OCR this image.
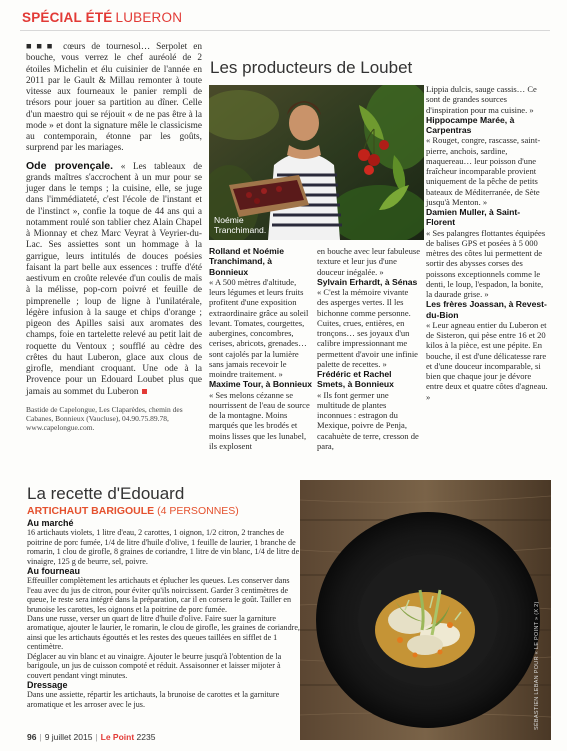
SPÉCIAL ÉTÉ LUBERON

■■■ cœurs de tournesol… Serpolet en bouche, vous verrez le chef auréolé de 2 étoiles Michelin et élu cuisinier de l'année en 2011 par le Gault & Millau remonter à toute vitesse aux fourneaux le panier rempli de trésors pour jouer sa partition au dîner. Celle d'un maestro qui se réjouit « de ne pas être à la mode » et dont la signature mêle le classicisme au contemporain, étonne par les goûts, surprend par les mariages.

Ode provençale. « Les tableaux de grands maîtres s'accrochent à un mur pour se juger dans le temps ; la cuisine, elle, se juge dans l'immédiateté, c'est l'école de l'instant et de l'instinct », confie la toque de 44 ans qui a notamment roulé son tablier chez Alain Chapel à Mionnay et chez Marc Veyrat à Veyrier-du-Lac. Ses assiettes sont un hommage à la garrigue, leurs intitulés de douces poésies faisant la part belle aux essences : truffe d'été aestivum en croûte relevée d'un coulis de maïs à la mélisse, pop-corn poivré et feuille de pimprenelle ; loup de ligne à l'unilatérale, légère infusion à la sauge et chips d'orange ; pigeon des Apilles saisi aux aromates des champs, foie en tartelette relevé au petit lait de roquette du Ventoux ; soufflé au cèdre des crêtes du haut Luberon, glace aux clous de girofle, mendiant croquant. Une ode à la Provence pour un Edouard Loubet plus que jamais au sommet du Luberon

Bastide de Capelongue, Les Claparèdes, chemin des Cabanes, Bonnieux (Vaucluse), 04.90.75.89.78, www.capelongue.com.
Les producteurs de Loubet
Noémie
Tranchimand.
Rolland et Noémie Tranchimand, à Bonnieux
« A 500 mètres d'altitude, leurs légumes et leurs fruits profitent d'une exposition extraordinaire grâce au soleil levant. Tomates, courgettes, aubergines, concombres, cerises, abricots, grenades… sont cajolés par la lumière sans jamais recevoir le moindre traitement. »
Maxime Tour, à Bonnieux
« Ses melons cézanne se nourrissent de l'eau de source de la montagne. Moins marqués que les brodés et moins lisses que les lunabel, ils explosent
en bouche avec leur fabuleuse texture et leur jus d'une douceur inégalée. »
Sylvain Erhardt, à Sénas
« C'est la mémoire vivante des asperges vertes. Il les bichonne comme personne. Cuites, crues, entières, en tronçons… ses joyaux d'un calibre impressionnant me permettent d'avoir une infinie palette de recettes. »
Frédéric et Rachel Smets, à Bonnieux
« Ils font germer une multitude de plantes inconnues : estragon du Mexique, poivre de Penja, cacahuète de terre, cresson de para,
Lippia dulcis, sauge cassis… Ce sont de grandes sources d'inspiration pour ma cuisine. »
Hippocampe Marée, à Carpentras
« Rouget, congre, rascasse, saint-pierre, anchois, sardine, maquereau… leur poisson d'une fraîcheur incomparable provient uniquement de la pêche de petits bateaux de Méditerranée, de Sète jusqu'à Menton. »
Damien Muller, à Saint-Florent
« Ses palangres flottantes équipées de balises GPS et posées à 5 000 mètres des côtes lui permettent de sortir des abysses corses des poissons exceptionnels comme le denti, le loup, l'espadon, la bonite, la daurade grise. »
Les frères Joassan, à Revest-du-Bion
« Leur agneau entier du Luberon et de Sisteron, qui pèse entre 16 et 20 kilos à la pièce, est une pépite. En bouche, il est d'une délicatesse rare et d'une douceur incomparable, si bien que chaque jour je dévore entre deux et quatre côtes d'agneau. »
La recette d'Edouard
ARTICHAUT BARIGOULE (4 PERSONNES)
Au marché
16 artichauts violets, 1 litre d'eau, 2 carottes, 1 oignon, 1/2 citron, 2 tranches de poitrine de porc fumée, 1/4 de litre d'huile d'olive, 1 feuille de laurier, 1 branche de romarin, 1 clou de girofle, 8 graines de coriandre, 1 litre de vin blanc, 1/4 de litre de vinaigre, 125 g de beurre, sel, poivre.
Au fourneau
Effeuiller complètement les artichauts et éplucher les queues. Les conserver dans l'eau avec du jus de citron, pour éviter qu'ils noircissent. Garder 3 centimètres de queue, le reste sera intégré dans la préparation, car il en corsera le goût. Tailler en brunoise les carottes, les oignons et la poitrine de porc fumée.
Dans une russe, verser un quart de litre d'huile d'olive. Faire suer la garniture aromatique, ajouter le laurier, le romarin, le clou de girofle, les graines de coriandre, ainsi que les artichauts égouttés et les restes des queues taillées en sifflet de 1 centimètre.
Déglacer au vin blanc et au vinaigre. Ajouter le beurre jusqu'à l'obtention de la barigoule, un jus de cuisson compoté et réduit. Assaisonner et laisser mijoter à couvert pendant vingt minutes.
Dressage
Dans une assiette, répartir les artichauts, la brunoise de carottes et la garniture aromatique et les arroser avec le jus.	SÉBASTIEN LEBAN POUR « LE POINT » (X 2)
96 | 9 juillet 2015 | Le Point 2235
